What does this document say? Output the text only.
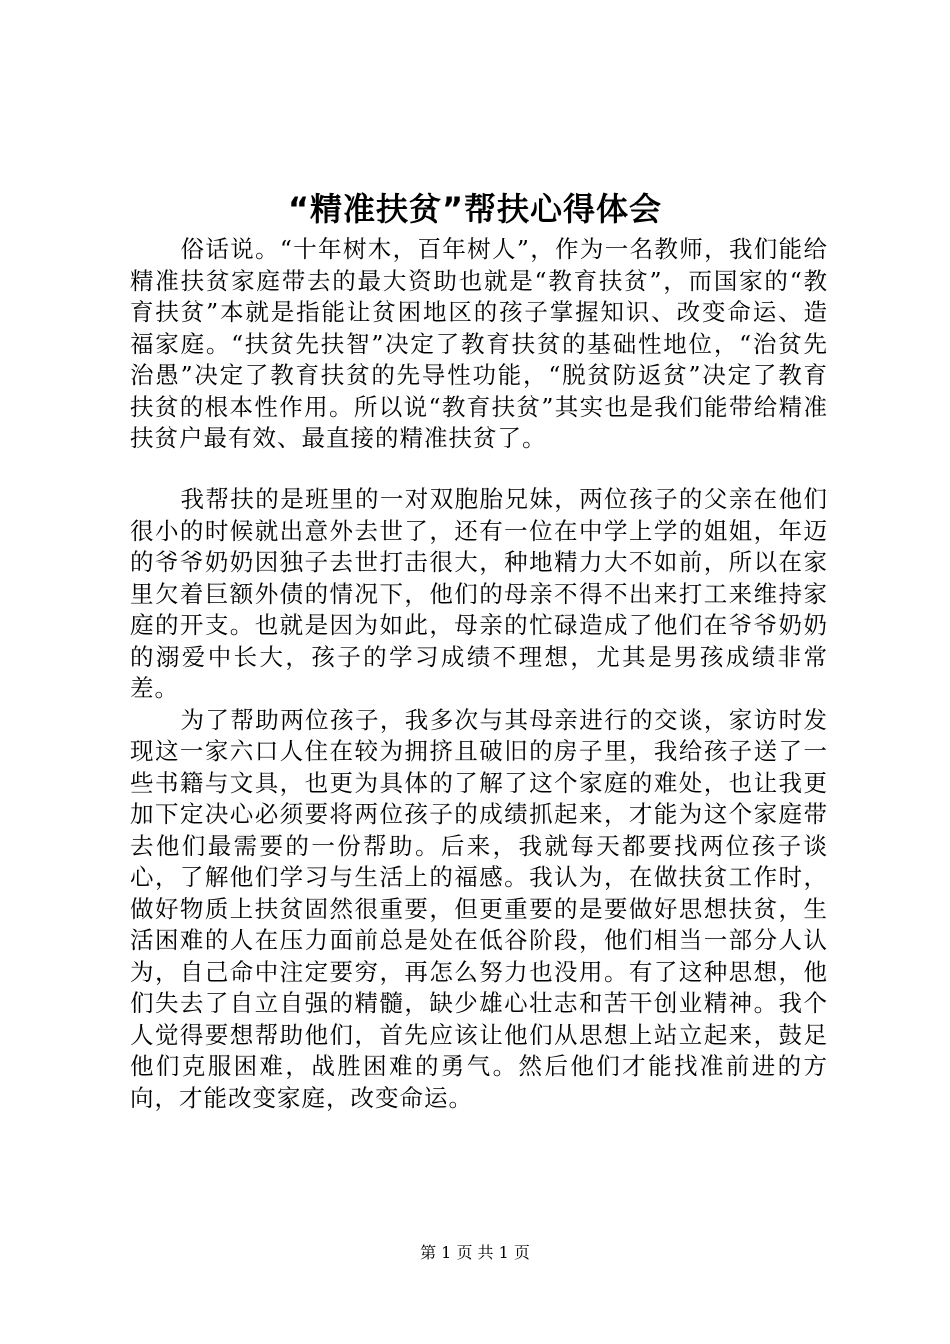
“精准扶贫”帮扶心得体会

俗话说。“十年树木，百年树人”，作为一名教师，我们能给精准扶贫家庭带去的最大资助也就是“教育扶贫”，而国家的“教育扶贫”本就是指能让贫困地区的孩子掌握知识、改变命运、造福家庭。“扶贫先扶智”决定了教育扶贫的基础性地位，“治贫先治愚”决定了教育扶贫的先导性功能，“脱贫防返贫”决定了教育扶贫的根本性作用。所以说“教育扶贫”其实也是我们能带给精准扶贫户最有效、最直接的精准扶贫了。

我帮扶的是班里的一对双胞胎兄妹，两位孩子的父亲在他们很小的时候就出意外去世了，还有一位在中学上学的姐姐，年迈的爷爷奶奶因独子去世打击很大，种地精力大不如前，所以在家里欠着巨额外债的情况下，他们的母亲不得不出来打工来维持家庭的开支。也就是因为如此，母亲的忙碌造成了他们在爷爷奶奶的溺爱中长大，孩子的学习成绩不理想，尤其是男孩成绩非常差。

为了帮助两位孩子，我多次与其母亲进行的交谈，家访时发现这一家六口人住在较为拥挤且破旧的房子里，我给孩子送了一些书籍与文具，也更为具体的了解了这个家庭的难处，也让我更加下定决心必须要将两位孩子的成绩抓起来，才能为这个家庭带去他们最需要的一份帮助。后来，我就每天都要找两位孩子谈心，了解他们学习与生活上的福感。我认为，在做扶贫工作时，做好物质上扶贫固然很重要，但更重要的是要做好思想扶贫，生活困难的人在压力面前总是处在低谷阶段，他们相当一部分人认为，自己命中注定要穷，再怎么努力也没用。有了这种思想，他们失去了自立自强的精髓，缺少雄心壮志和苦干创业精神。我个人觉得要想帮助他们，首先应该让他们从思想上站立起来，鼓足他们克服困难，战胜困难的勇气。然后他们才能找准前进的方向，才能改变家庭，改变命运。

第 1 页 共 1 页
